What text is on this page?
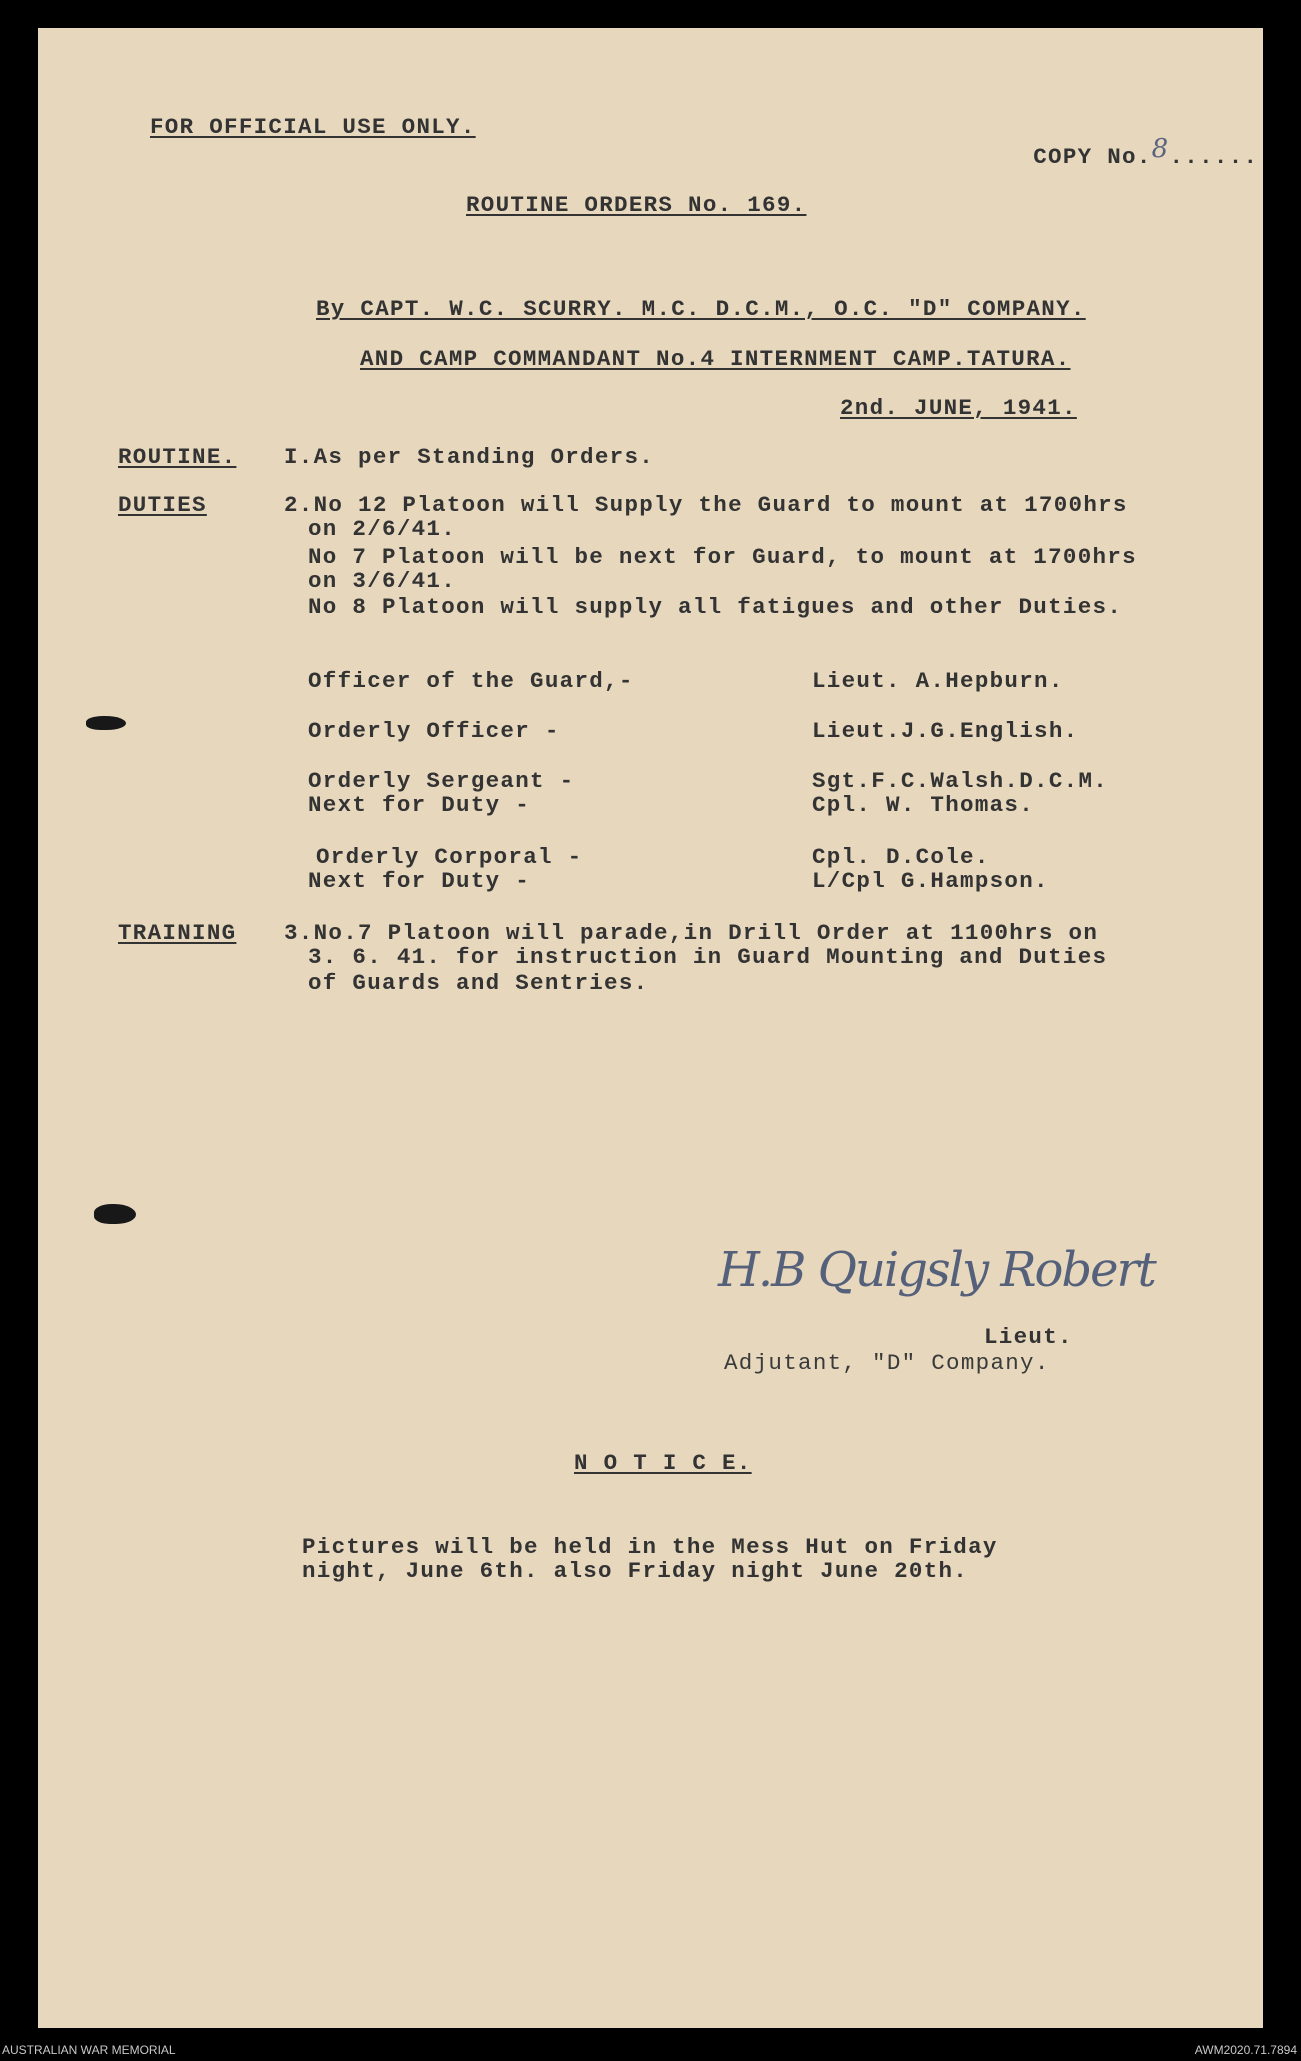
FOR OFFICIAL USE ONLY.

COPY No.8......

ROUTINE ORDERS No. 169.
By CAPT. W.C. SCURRY. M.C. D.C.M., O.C. "D" COMPANY.
AND CAMP COMMANDANT No.4 INTERNMENT CAMP.TATURA.
2nd. JUNE, 1941.
ROUTINE. I.As per Standing Orders.
DUTIES	2.No 12 Platoon will Supply the Guard to mount at 1700hrs
on 2/6/41.
No 7 Platoon will be next for Guard, to mount at 1700hrs
on 3/6/41.
No 8 Platoon will supply all fatigues and other Duties.
Officer of the Guard,-	Lieut. A.Hepburn.
Orderly Officer -	Lieut.J.G.English.
Orderly Sergeant -	Sgt.F.C.Walsh.D.C.M.
Next for Duty -	Cpl. W. Thomas.
Orderly Corporal -	Cpl. D.Cole.
Next for Duty -	L/Cpl G.Hampson.
TRAINING 3.No.7 Platoon will parade,in Drill Order at 1100hrs on
3. 6. 41. for instruction in Guard Mounting and Duties
of Guards and Sentries.
H.B Quigsly Robert
Lieut.
Adjutant, "D" Company.
N O T I C E.
Pictures will be held in the Mess Hut on Friday
night, June 6th. also Friday night June 20th.
AUSTRALIAN WAR MEMORIAL	AWM2020.71.7894
